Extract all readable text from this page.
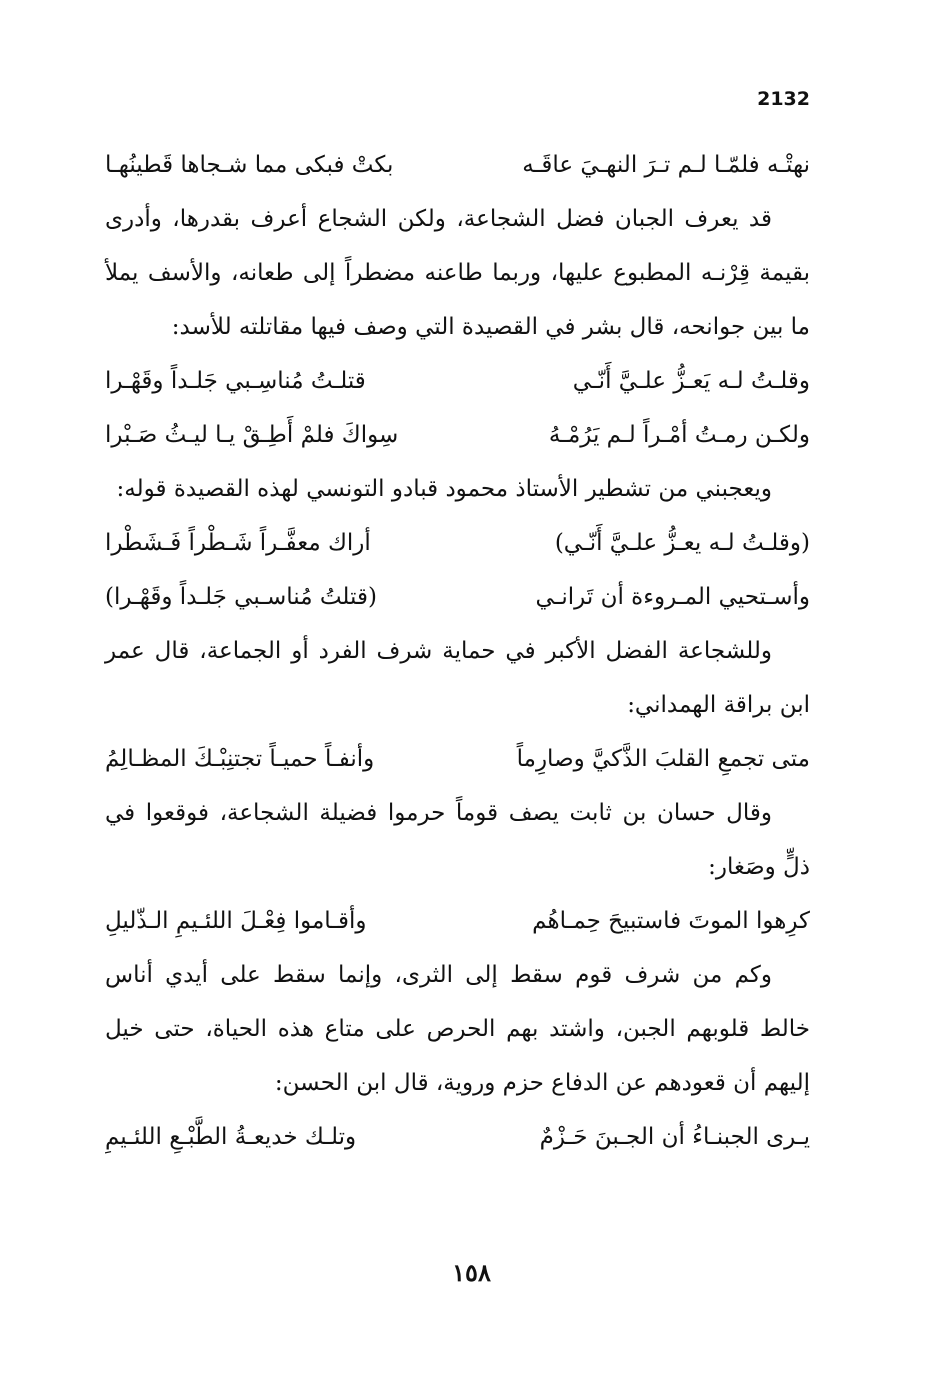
2132
نهتْـه فلمّـا لـم تـرَ النهـيَ عاقَـه
بكتْ فبكى مما شـجاها قَطينُهـا

قد يعرف الجبان فضل الشجاعة، ولكن الشجاع أعرف بقدرها، وأدرى بقيمة قِرْنـه المطبوع عليها، وربما طاعنه مضطراً إلى طعانه، والأسف يملأ ما بين جوانحه، قال بشر في القصيدة التي وصف فيها مقاتلته للأسد:

وقلـتُ لـه يَعـزُّ علـيَّ أَنّـي
قتلـتُ مُناسِـبي جَلـداً وقَهْـرا
ولكـن رمـتُ أمْـراً لـم يَرُمْـهُ
سِواكَ فلمْ أَطِـقْ يـا ليـثُ صَـبْرا

ويعجبني من تشطير الأستاذ محمود قبادو التونسي لهذه القصيدة قوله:

(وقلـتُ لـه يعـزُّ علـيَّ أَنّـي)
أراك معفَّـراً شَـطْراً فَـشَطْرا
وأسـتحيي المـروءة أن تَرانـي
(قتلتُ مُناسـبي جَلـداً وقَهْـرا)

وللشجاعة الفضل الأكبر في حماية شرف الفرد أو الجماعة، قال عمر ابن براقة الهمداني:

متى تجمعِ القلبَ الذَّكيَّ وصارِماً
وأنفـاً حميـاً تجتنِبْـكَ المظـالِمُ

وقال حسان بن ثابت يصف قوماً حرموا فضيلة الشجاعة، فوقعوا في ذلٍّ وصَغار:

كرِهوا الموتَ فاستبيحَ حِمـاهُم
وأقـاموا فِعْـلَ اللئـيمِ الـذّليلِ

وكم من شرف قوم سقط إلى الثرى، وإنما سقط على أيدي أناس خالط قلوبهم الجبن، واشتد بهم الحرص على متاع هذه الحياة، حتى خيل إليهم أن قعودهم عن الدفاع حزم وروية، قال ابن الحسن:

يـرى الجبنـاءُ أن الجـبنَ حَـزْمٌ
وتلـك خديعـةُ الطَّبْـعِ اللئـيمِ
١٥٨
